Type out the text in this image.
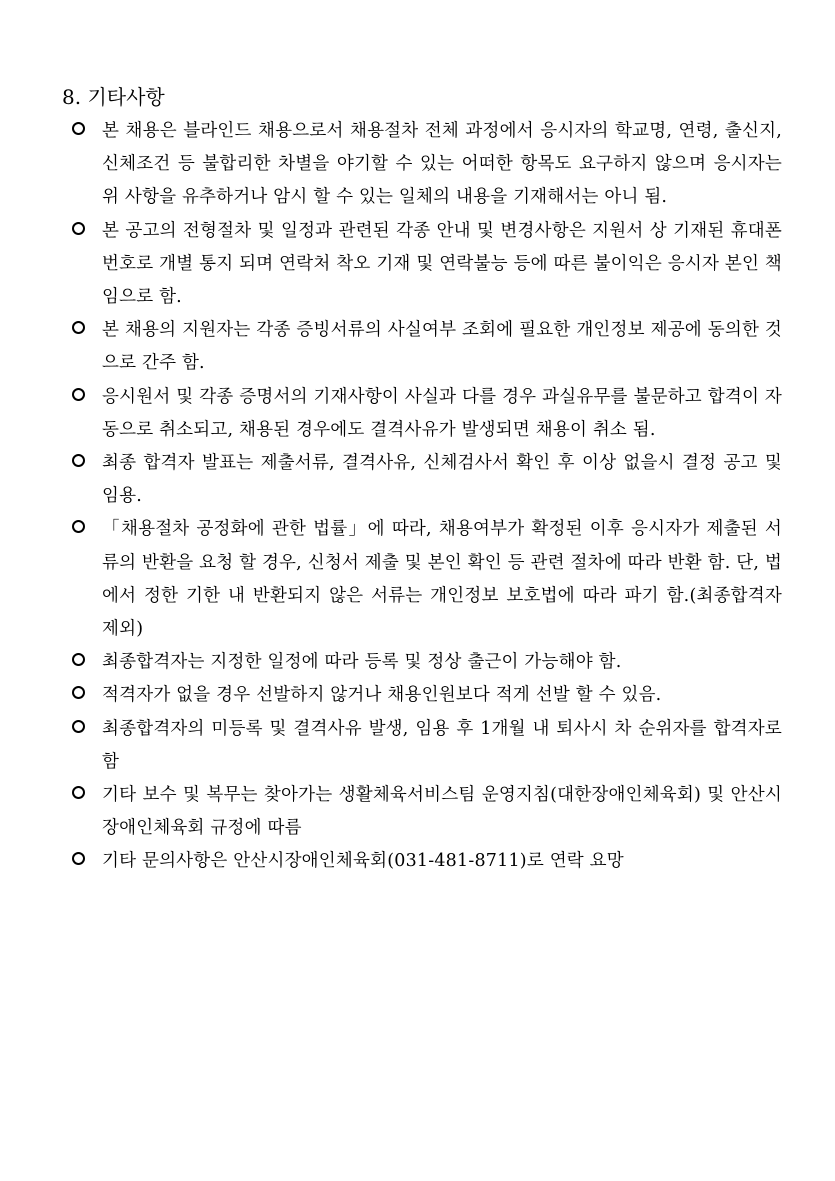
8. 기타사항
본 채용은 블라인드 채용으로서 채용절차 전체 과정에서 응시자의 학교명, 연령, 출신지, 신체조건 등 불합리한 차별을 야기할 수 있는 어떠한 항목도 요구하지 않으며 응시자는 위 사항을 유추하거나 암시 할 수 있는 일체의 내용을 기재해서는 아니 됨.
본 공고의 전형절차 및 일정과 관련된 각종 안내 및 변경사항은 지원서 상 기재된 휴대폰번호로 개별 통지 되며 연락처 착오 기재 및 연락불능 등에 따른 불이익은 응시자 본인 책임으로 함.
본 채용의 지원자는 각종 증빙서류의 사실여부 조회에 필요한 개인정보 제공에 동의한 것으로 간주 함.
응시원서 및 각종 증명서의 기재사항이 사실과 다를 경우 과실유무를 불문하고 합격이 자동으로 취소되고, 채용된 경우에도 결격사유가 발생되면 채용이 취소 됨.
최종 합격자 발표는 제출서류, 결격사유, 신체검사서 확인 후 이상 없을시 결정 공고 및 임용.
「채용절차 공정화에 관한 법률」에 따라, 채용여부가 확정된 이후 응시자가 제출된 서류의 반환을 요청 할 경우, 신청서 제출 및 본인 확인 등 관련 절차에 따라 반환 함. 단, 법에서 정한 기한 내 반환되지 않은 서류는 개인정보 보호법에 따라 파기 함.(최종합격자 제외)
최종합격자는 지정한 일정에 따라 등록 및 정상 출근이 가능해야 함.
적격자가 없을 경우 선발하지 않거나 채용인원보다 적게 선발 할 수 있음.
최종합격자의 미등록 및 결격사유 발생, 임용 후 1개월 내 퇴사시 차 순위자를 합격자로 함
기타 보수 및 복무는 찾아가는 생활체육서비스팀 운영지침(대한장애인체육회) 및 안산시장애인체육회 규정에 따름
기타 문의사항은 안산시장애인체육회(031-481-8711)로 연락 요망
